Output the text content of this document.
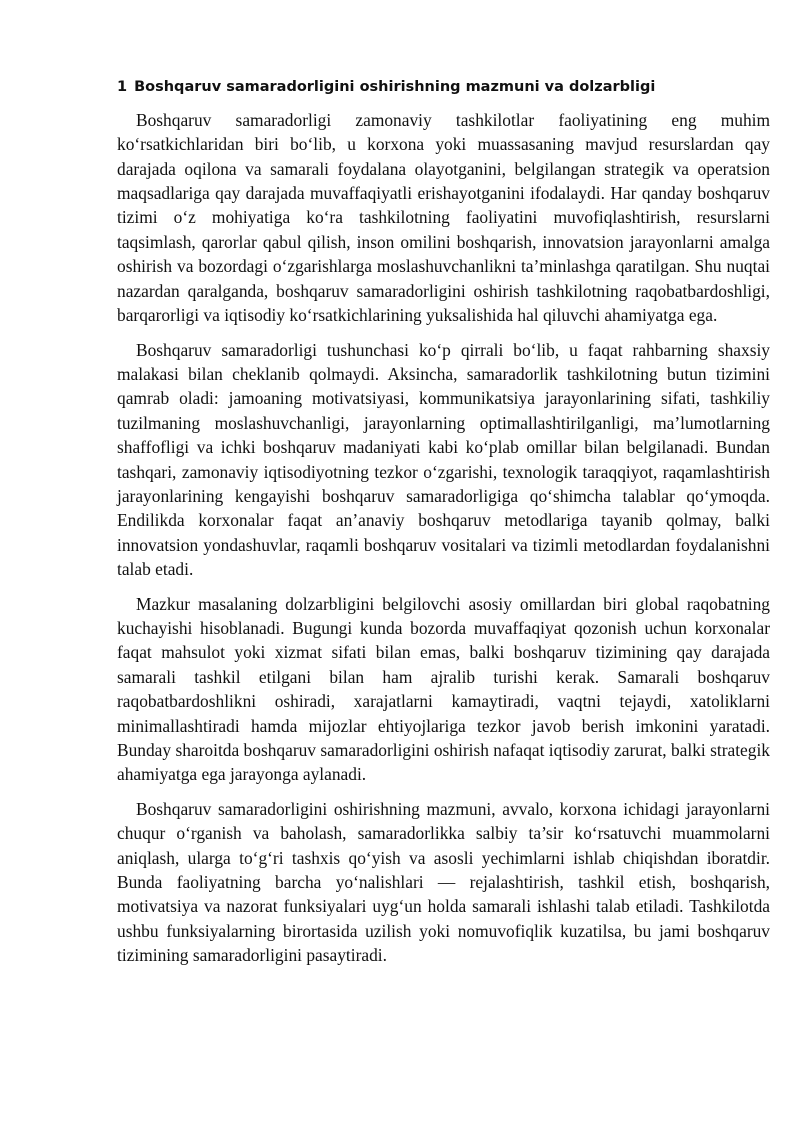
1 Boshqaruv samaradorligini oshirishning mazmuni va dolzarbligi

Boshqaruv samaradorligi zamonaviy tashkilotlar faoliyatining eng muhim ko‘rsatkichlaridan biri bo‘lib, u korxona yoki muassasaning mavjud resurslardan qay darajada oqilona va samarali foydalana olayotganini, belgilangan strategik va operatsion maqsadlariga qay darajada muvaffaqiyatli erishayotganini ifodalaydi. Har qanday boshqaruv tizimi o‘z mohiyatiga ko‘ra tashkilotning faoliyatini muvofiqlashtirish, resurslarni taqsimlash, qarorlar qabul qilish, inson omilini boshqarish, innovatsion jarayonlarni amalga oshirish va bozordagi o‘zgarishlarga moslashuvchanlikni ta’minlashga qaratilgan. Shu nuqtai nazardan qaralganda, boshqaruv samaradorligini oshirish tashkilotning raqobatbardoshligi, barqarorligi va iqtisodiy ko‘rsatkichlarining yuksalishida hal qiluvchi ahamiyatga ega.

Boshqaruv samaradorligi tushunchasi ko‘p qirrali bo‘lib, u faqat rahbarning shaxsiy malakasi bilan cheklanib qolmaydi. Aksincha, samaradorlik tashkilotning butun tizimini qamrab oladi: jamoaning motivatsiyasi, kommunikatsiya jarayonlarining sifati, tashkiliy tuzilmaning moslashuvchanligi, jarayonlarning optimallashtirilganligi, ma’lumotlarning shaffofligi va ichki boshqaruv madaniyati kabi ko‘plab omillar bilan belgilanadi. Bundan tashqari, zamonaviy iqtisodiyotning tezkor o‘zgarishi, texnologik taraqqiyot, raqamlashtirish jarayonlarining kengayishi boshqaruv samaradorligiga qo‘shimcha talablar qo‘ymoqda. Endilikda korxonalar faqat an’anaviy boshqaruv metodlariga tayanib qolmay, balki innovatsion yondashuvlar, raqamli boshqaruv vositalari va tizimli metodlardan foydalanishni talab etadi.

Mazkur masalaning dolzarbligini belgilovchi asosiy omillardan biri global raqobatning kuchayishi hisoblanadi. Bugungi kunda bozorda muvaffaqiyat qozonish uchun korxonalar faqat mahsulot yoki xizmat sifati bilan emas, balki boshqaruv tizimining qay darajada samarali tashkil etilgani bilan ham ajralib turishi kerak. Samarali boshqaruv raqobatbardoshlikni oshiradi, xarajatlarni kamaytiradi, vaqtni tejaydi, xatoliklarni minimallashtiradi hamda mijozlar ehtiyojlariga tezkor javob berish imkonini yaratadi. Bunday sharoitda boshqaruv samaradorligini oshirish nafaqat iqtisodiy zarurat, balki strategik ahamiyatga ega jarayonga aylanadi.

Boshqaruv samaradorligini oshirishning mazmuni, avvalo, korxona ichidagi jarayonlarni chuqur o‘rganish va baholash, samaradorlikka salbiy ta’sir ko‘rsatuvchi muammolarni aniqlash, ularga to‘g‘ri tashxis qo‘yish va asosli yechimlarni ishlab chiqishdan iboratdir. Bunda faoliyatning barcha yo‘nalishlari — rejalashtirish, tashkil etish, boshqarish, motivatsiya va nazorat funksiyalari uyg‘un holda samarali ishlashi talab etiladi. Tashkilotda ushbu funksiyalarning birortasida uzilish yoki nomuvofiqlik kuzatilsa, bu jami boshqaruv tizimining samaradorligini pasaytiradi.
